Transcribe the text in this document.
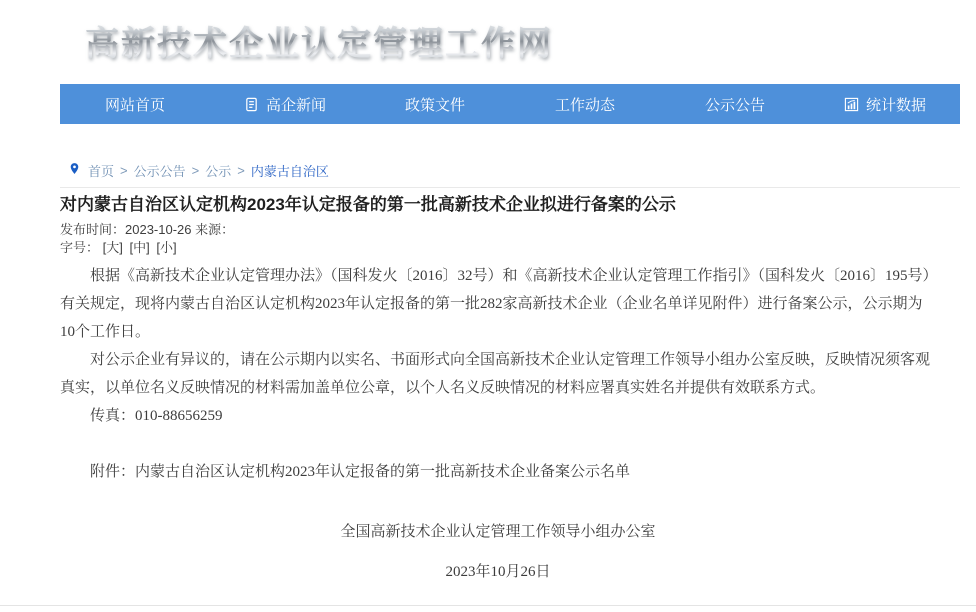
高新技术企业认定管理工作网
网站首页	高企新闻	政策文件	工作动态	公示公告	统计数据
首页 > 公示公告 > 公示 > 内蒙古自治区
对内蒙古自治区认定机构2023年认定报备的第一批高新技术企业拟进行备案的公示
发布时间：2023-10-26 来源：
字号： [大] [中] [小]

根据《高新技术企业认定管理办法》（国科发火〔2016〕32号）和《高新技术企业认定管理工作指引》（国科发火〔2016〕195号）有关规定，现将内蒙古自治区认定机构2023年认定报备的第一批282家高新技术企业（企业名单详见附件）进行备案公示，公示期为10个工作日。

对公示企业有异议的，请在公示期内以实名、书面形式向全国高新技术企业认定管理工作领导小组办公室反映，反映情况须客观真实，以单位名义反映情况的材料需加盖单位公章，以个人名义反映情况的材料应署真实姓名并提供有效联系方式。

传真：010-88656259

附件：内蒙古自治区认定机构2023年认定报备的第一批高新技术企业备案公示名单

全国高新技术企业认定管理工作领导小组办公室

2023年10月26日
